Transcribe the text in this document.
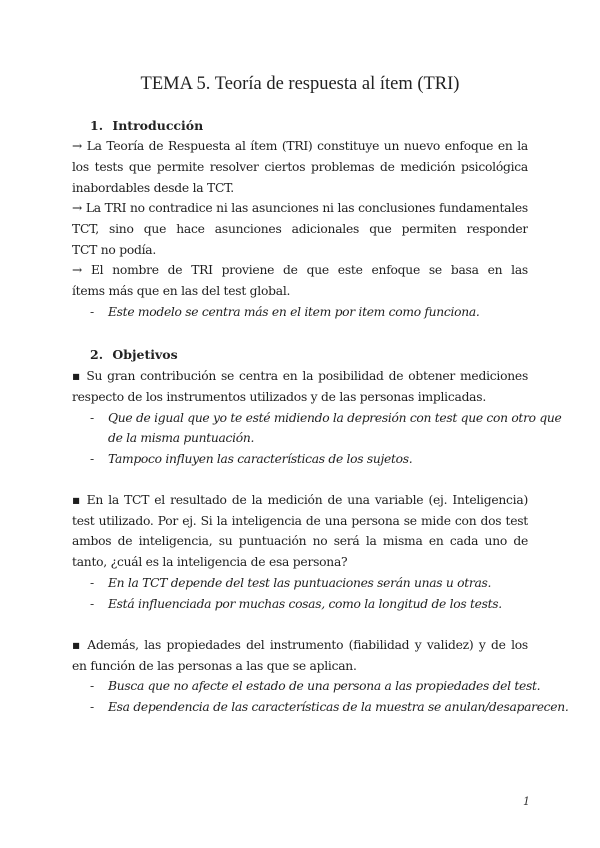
TEMA 5. Teoría de respuesta al ítem (TRI)
1. Introducción
→ La Teoría de Respuesta al ítem (TRI) constituye un nuevo enfoque en la
los tests que permite resolver ciertos problemas de medición psicológica
inabordables desde la TCT.
→ La TRI no contradice ni las asunciones ni las conclusiones fundamentales
TCT, sino que hace asunciones adicionales que permiten responder
TCT no podía.
→ El nombre de TRI proviene de que este enfoque se basa en las
ítems más que en las del test global.
- Este modelo se centra más en el item por item como funciona.
2. Objetivos
▪ Su gran contribución se centra en la posibilidad de obtener mediciones
respecto de los instrumentos utilizados y de las personas implicadas.
- Que de igual que yo te esté midiendo la depresión con test que con otro que
de la misma puntuación.
- Tampoco influyen las características de los sujetos.
▪ En la TCT el resultado de la medición de una variable (ej. Inteligencia)
test utilizado. Por ej. Si la inteligencia de una persona se mide con dos test
ambos de inteligencia, su puntuación no será la misma en cada uno de
tanto, ¿cuál es la inteligencia de esa persona?
- En la TCT depende del test las puntuaciones serán unas u otras.
- Está influenciada por muchas cosas, como la longitud de los tests.
▪ Además, las propiedades del instrumento (fiabilidad y validez) y de los
en función de las personas a las que se aplican.
- Busca que no afecte el estado de una persona a las propiedades del test.
- Esa dependencia de las características de la muestra se anulan/desaparecen.
1
